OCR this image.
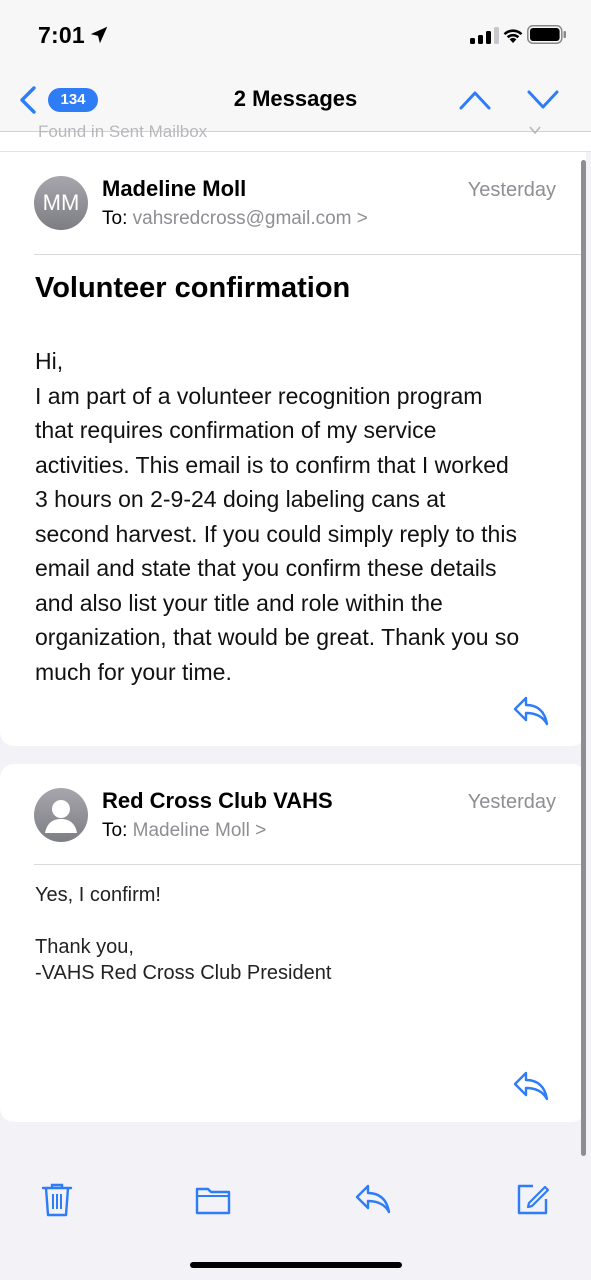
7:01
134	2 Messages
Found in Sent Mailbox
MM
Madeline Moll	Yesterday
To: vahsredcross@gmail.com >
Volunteer confirmation
Hi,
I am part of a volunteer recognition program
that requires confirmation of my service
activities. This email is to confirm that I worked
3 hours on 2-9-24 doing labeling cans at
second harvest. If you could simply reply to this
email and state that you confirm these details
and also list your title and role within the
organization, that would be great. Thank you so
much for your time.
Red Cross Club VAHS	Yesterday
To: Madeline Moll >
Yes, I confirm!
Thank you,
-VAHS Red Cross Club President
